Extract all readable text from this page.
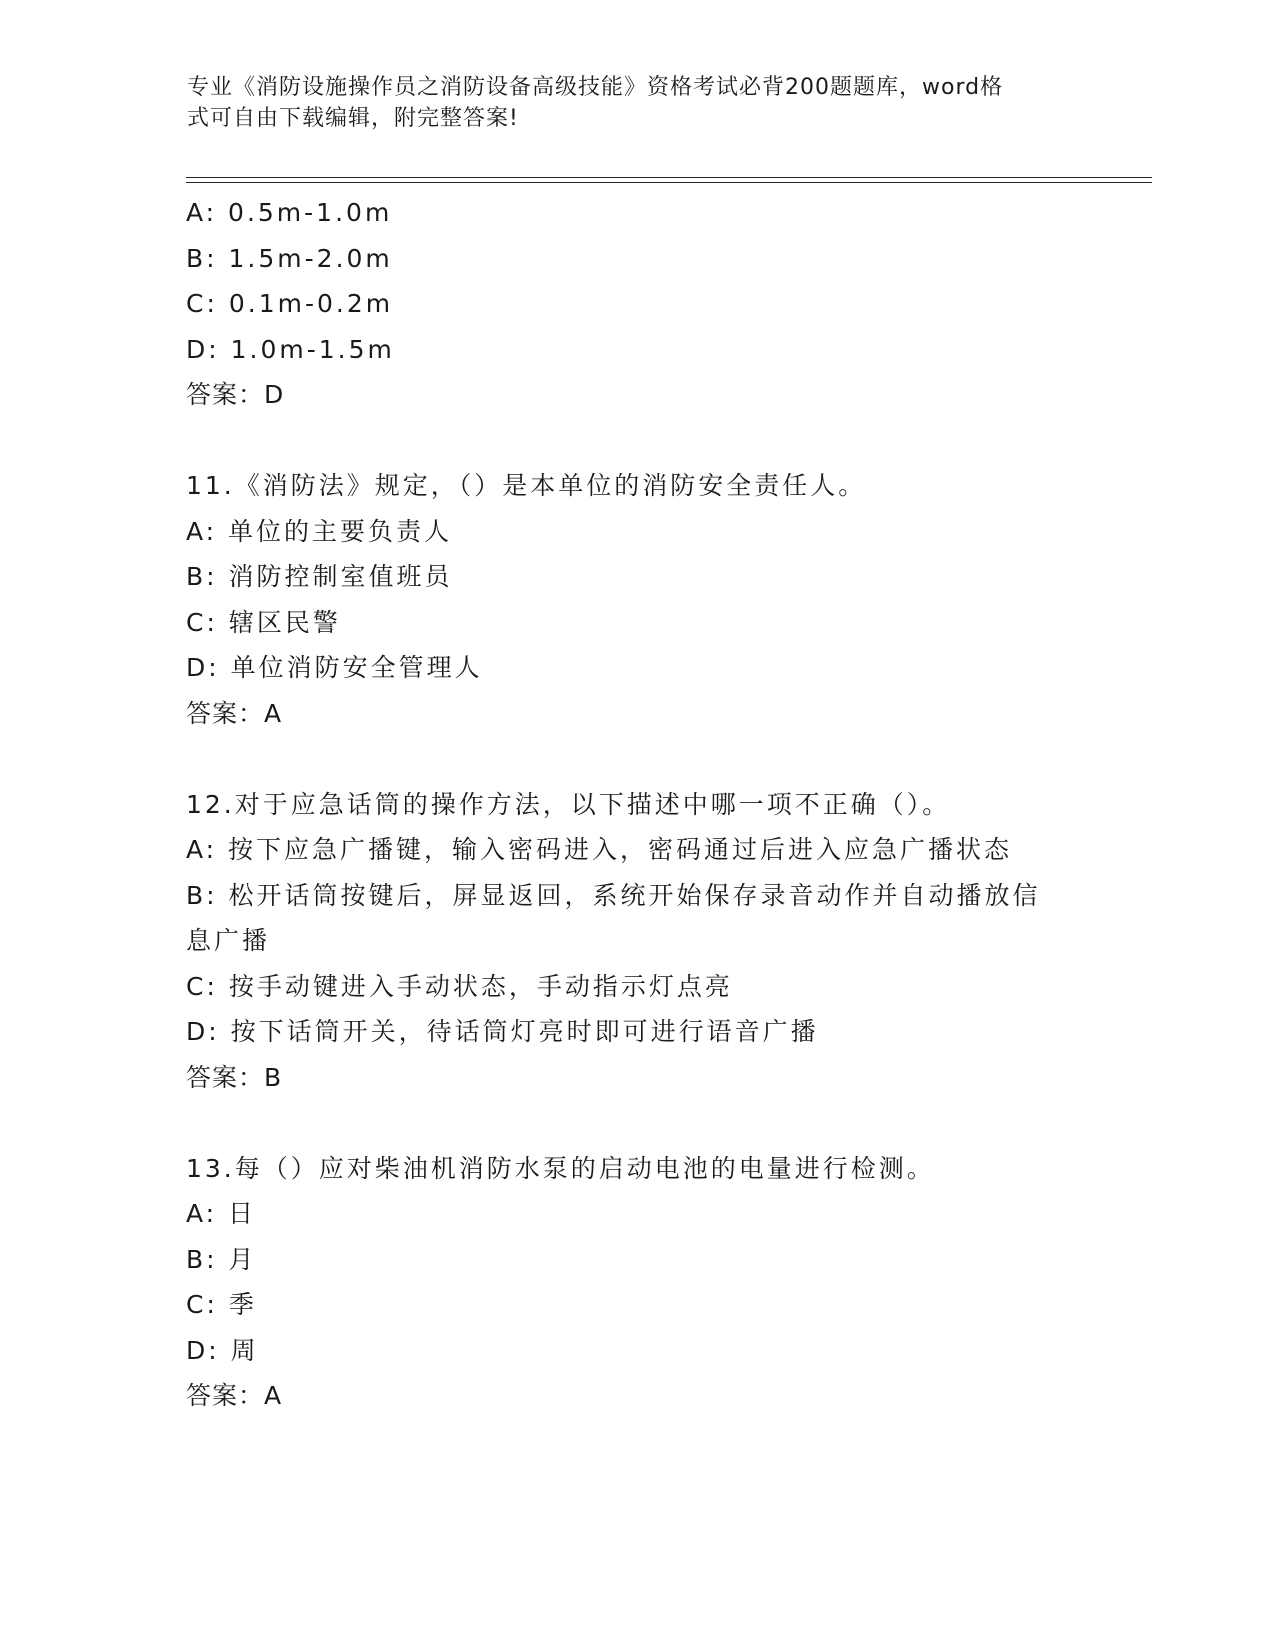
专业《消防设施操作员之消防设备高级技能》资格考试必背200题题库，word格
式可自由下载编辑，附完整答案!
A: 0.5m-1.0m
B: 1.5m-2.0m
C: 0.1m-0.2m
D: 1.0m-1.5m
答案：D
11.《消防法》规定，（）是本单位的消防安全责任人。
A: 单位的主要负责人
B: 消防控制室值班员
C: 辖区民警
D: 单位消防安全管理人
答案：A
12.对于应急话筒的操作方法，以下描述中哪一项不正确（）。
A: 按下应急广播键，输入密码进入，密码通过后进入应急广播状态
B: 松开话筒按键后，屏显返回，系统开始保存录音动作并自动播放信息广播
C: 按手动键进入手动状态，手动指示灯点亮
D: 按下话筒开关，待话筒灯亮时即可进行语音广播
答案：B
13.每（）应对柴油机消防水泵的启动电池的电量进行检测。
A: 日
B: 月
C: 季
D: 周
答案：A
